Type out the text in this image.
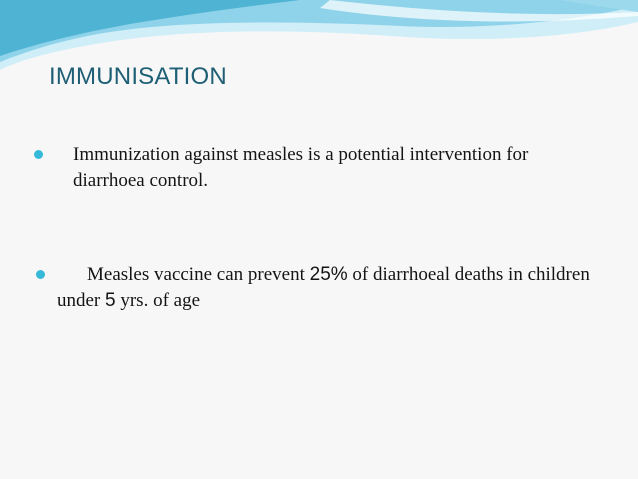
IMMUNISATION
Immunization against measles is a potential intervention for diarrhoea control.
Measles vaccine can prevent 25% of diarrhoeal deaths in children under 5 yrs. of age
